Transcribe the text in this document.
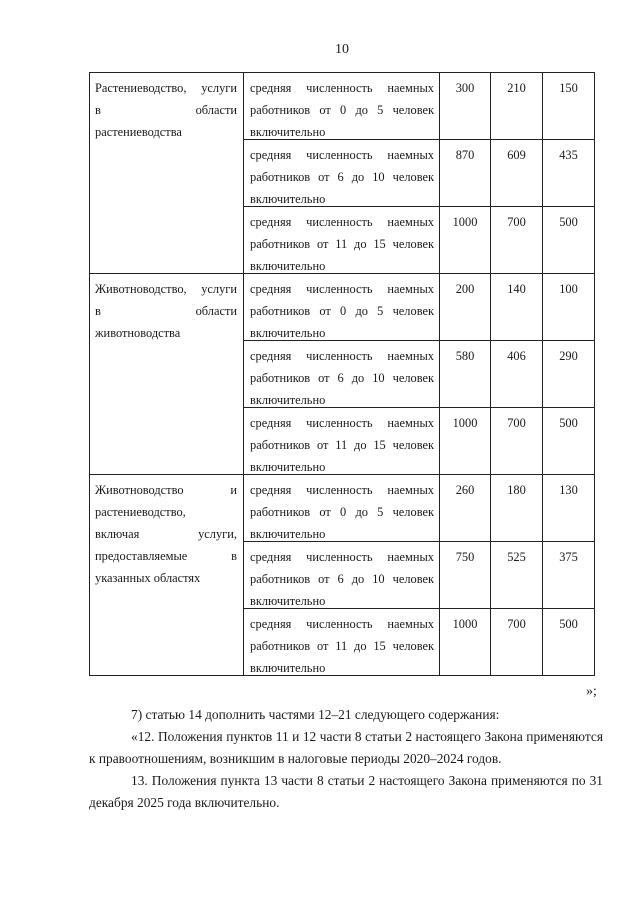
10
Растениеводство, услуги
в области
растениеводства	средняя численность наемных
работников от 0 до 5 человек
включительно	300	210	150

	средняя численность наемных
работников от 6 до 10 человек
включительно	870	609	435

	средняя численность наемных
работников от 11 до 15 человек
включительно	1000	700	500

Животноводство, услуги
в области
животноводства	средняя численность наемных
работников от 0 до 5 человек
включительно	200	140	100

	средняя численность наемных
работников от 6 до 10 человек
включительно	580	406	290

	средняя численность наемных
работников от 11 до 15 человек
включительно	1000	700	500

Животноводство и
растениеводство,
включая услуги,
предоставляемые в
указанных областях	средняя численность наемных
работников от 0 до 5 человек
включительно	260	180	130

	средняя численность наемных
работников от 6 до 10 человек
включительно	750	525	375

	средняя численность наемных
работников от 11 до 15 человек
включительно	1000	700	500
»;
7) статью 14 дополнить частями 12–21 следующего содержания:
«12. Положения пунктов 11 и 12 части 8 статьи 2 настоящего Закона применяются к правоотношениям, возникшим в налоговые периоды 2020–2024 годов.
13. Положения пункта 13 части 8 статьи 2 настоящего Закона применяются по 31 декабря 2025 года включительно.
